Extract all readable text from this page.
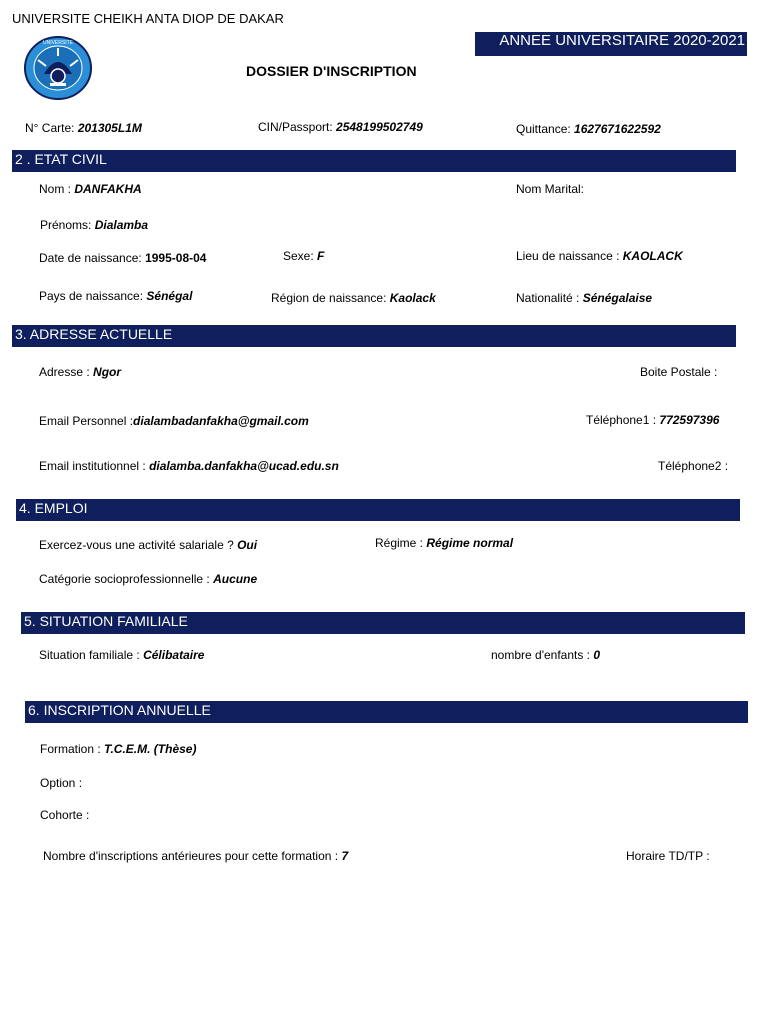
UNIVERSITE CHEIKH ANTA DIOP DE DAKAR
ANNEE UNIVERSITAIRE 2020-2021
UNIVERSITE
DOSSIER D'INSCRIPTION
N° Carte: 201305L1M	CIN/Passport: 2548199502749	Quittance: 1627671622592
2 . ETAT CIVIL
Nom : DANFAKHA	Nom Marital:
Prénoms: Dialamba
Date de naissance: 1995-08-04	Sexe: F	Lieu de naissance : KAOLACK
Pays de naissance: Sénégal	Région de naissance: Kaolack	Nationalité : Sénégalaise
3. ADRESSE ACTUELLE
Adresse : Ngor	Boite Postale :
Email Personnel :dialambadanfakha@gmail.com	Téléphone1 : 772597396
Email institutionnel : dialamba.danfakha@ucad.edu.sn	Téléphone2 :
4. EMPLOI
Exercez-vous une activité salariale ? Oui	Régime : Régime normal
Catégorie socioprofessionnelle : Aucune
5. SITUATION FAMILIALE
Situation familiale : Célibataire	nombre d'enfants : 0
6. INSCRIPTION ANNUELLE
Formation : T.C.E.M. (Thèse)
Option :
Cohorte :
Nombre d'inscriptions antérieures pour cette formation : 7	Horaire TD/TP :
